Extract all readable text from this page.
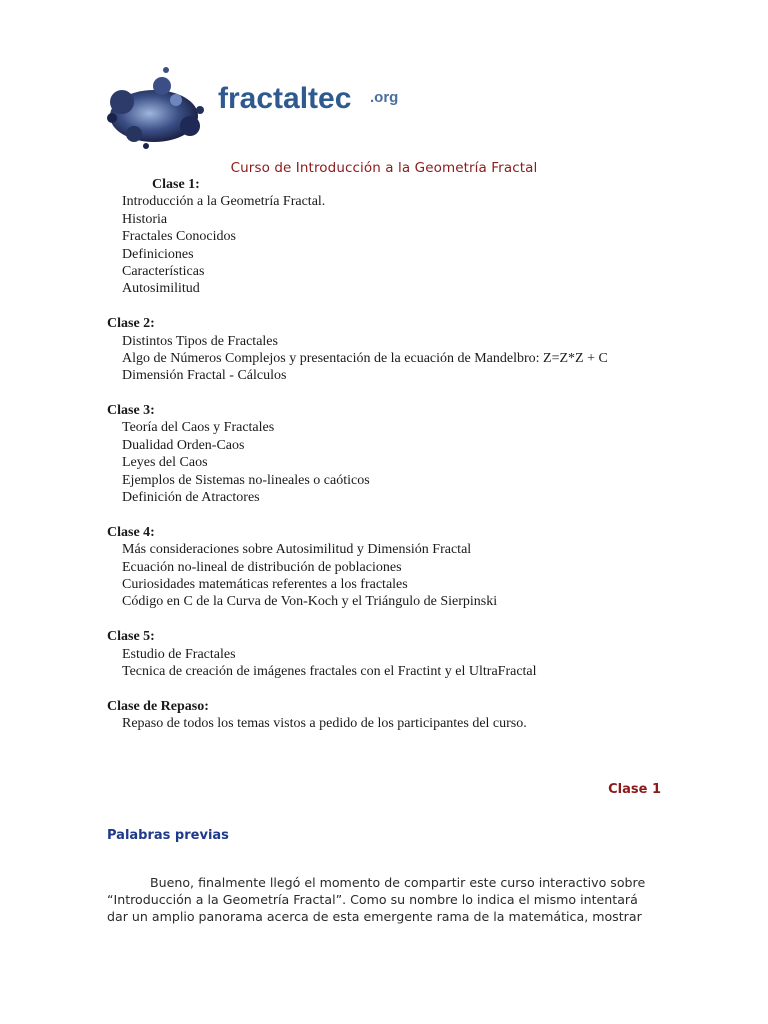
fractaltec .org
Curso de Introducción a la Geometría Fractal
Clase 1:
Introducción a la Geometría Fractal.
Historia
Fractales Conocidos
Definiciones
Características
Autosimilitud
Clase 2:
Distintos Tipos de Fractales
Algo de Números Complejos y presentación de la ecuación de Mandelbro: Z=Z*Z + C
Dimensión Fractal - Cálculos
Clase 3:
Teoría del Caos y Fractales
Dualidad Orden-Caos
Leyes del Caos
Ejemplos de Sistemas no-lineales o caóticos
Definición de Atractores
Clase 4:
Más consideraciones sobre Autosimilitud y Dimensión Fractal
Ecuación no-lineal de distribución de poblaciones
Curiosidades matemáticas referentes a los fractales
Código en C de la Curva de Von-Koch y el Triángulo de Sierpinski
Clase 5:
Estudio de Fractales
Tecnica de creación de imágenes fractales con el Fractint y el UltraFractal
Clase de Repaso:
Repaso de todos los temas vistos a pedido de los participantes del curso.
Clase 1
Palabras previas
Bueno, finalmente llegó el momento de compartir este curso interactivo sobre
“Introducción a la Geometría Fractal”. Como su nombre lo indica el mismo intentará
dar un amplio panorama acerca de esta emergente rama de la matemática, mostrar
